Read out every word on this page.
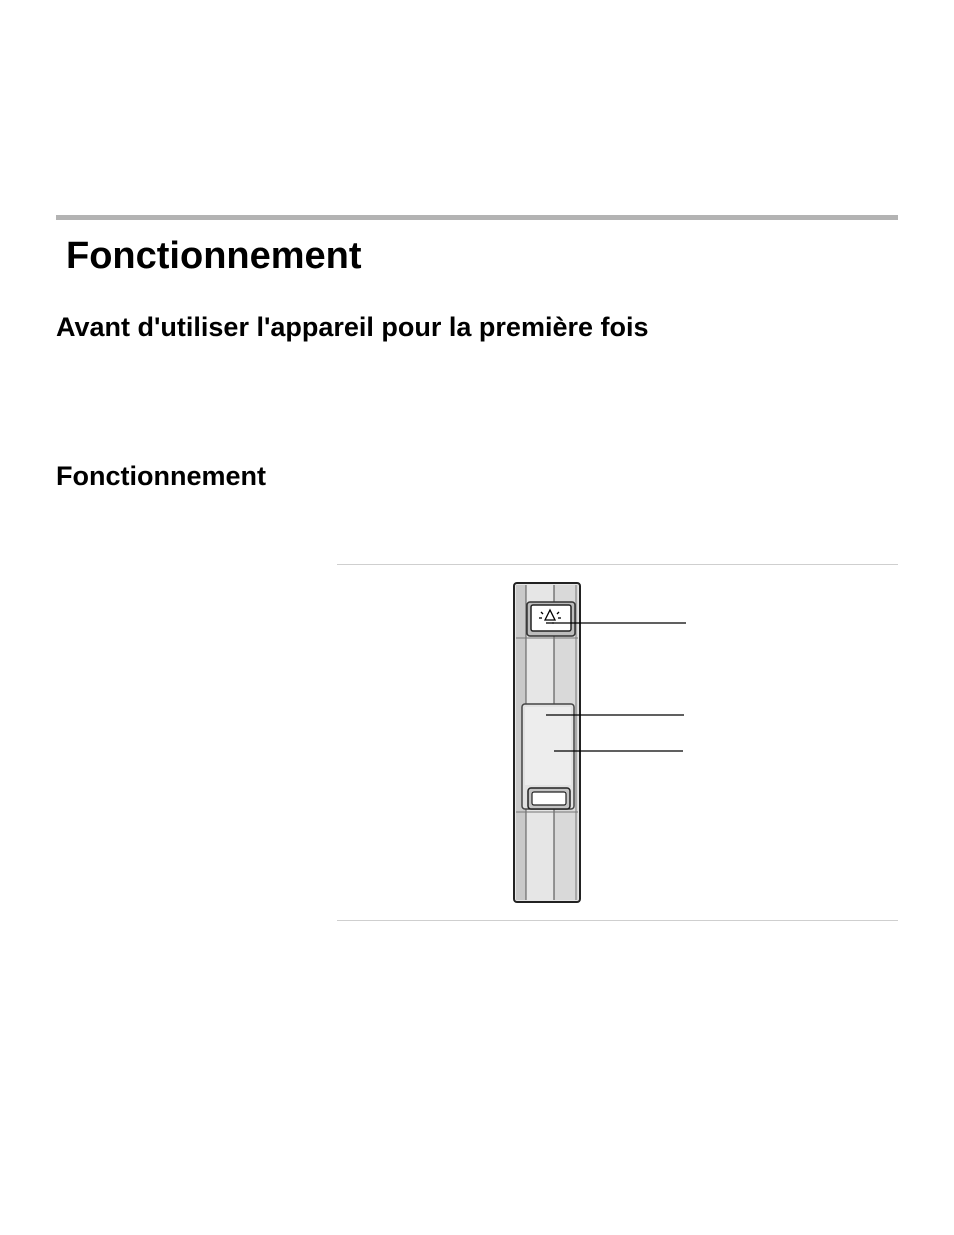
Fonctionnement
Avant d'utiliser l'appareil pour la première fois
Fonctionnement
